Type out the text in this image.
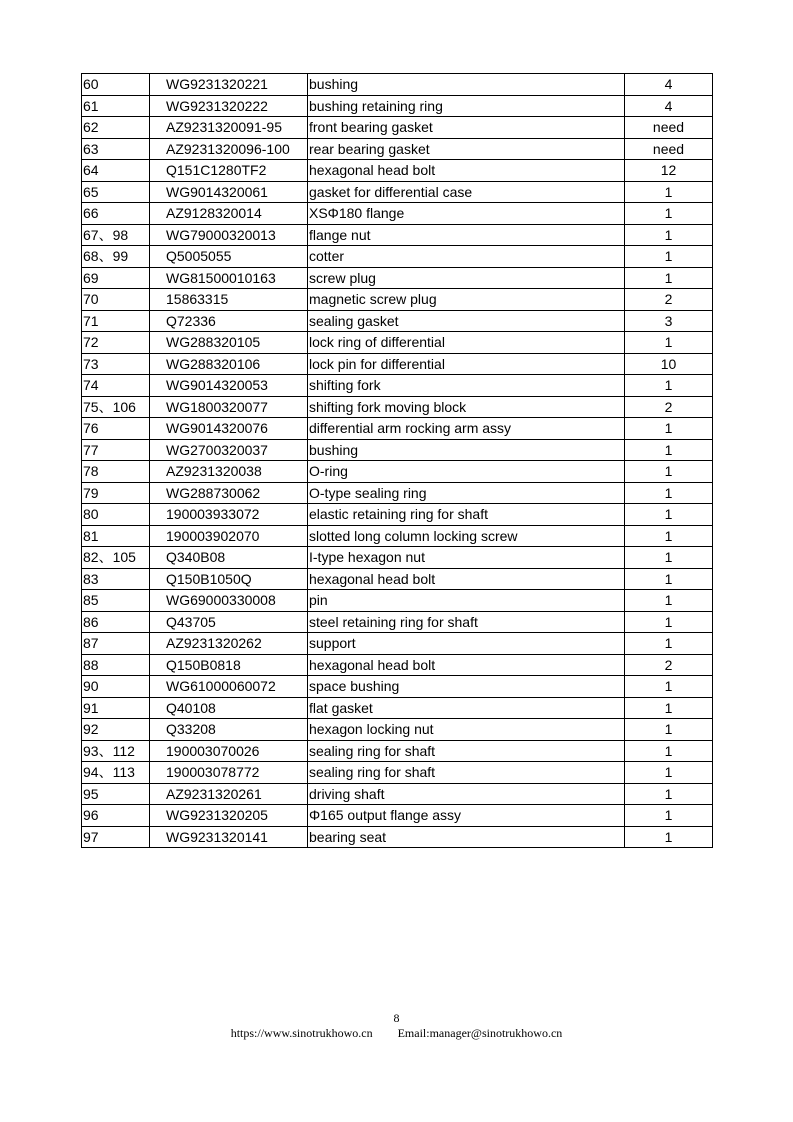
60	WG9231320221	bushing	4
61	WG9231320222	bushing retaining ring	4
62	AZ9231320091-95	front bearing gasket	need
63	AZ9231320096-100	rear bearing gasket	need
64	Q151C1280TF2	hexagonal head bolt	12
65	WG9014320061	gasket for differential case	1
66	AZ9128320014	XSΦ180 flange	1
67、98	WG79000320013	flange nut	1
68、99	Q5005055	cotter	1
69	WG81500010163	screw plug	1
70	15863315	magnetic screw plug	2
71	Q72336	sealing gasket	3
72	WG288320105	lock ring of differential	1
73	WG288320106	lock pin for differential	10
74	WG9014320053	shifting fork	1
75、106	WG1800320077	shifting fork moving block	2
76	WG9014320076	differential arm rocking arm assy	1
77	WG2700320037	bushing	1
78	AZ9231320038	O-ring	1
79	WG288730062	O-type sealing ring	1
80	190003933072	elastic retaining ring for shaft	1
81	190003902070	slotted long column locking screw	1
82、105	Q340B08	I-type hexagon nut	1
83	Q150B1050Q	hexagonal head bolt	1
85	WG69000330008	pin	1
86	Q43705	steel retaining ring for shaft	1
87	AZ9231320262	support	1
88	Q150B0818	hexagonal head bolt	2
90	WG61000060072	space bushing	1
91	Q40108	flat gasket	1
92	Q33208	hexagon locking nut	1
93、112	190003070026	sealing ring for shaft	1
94、113	190003078772	sealing ring for shaft	1
95	AZ9231320261	driving shaft	1
96	WG9231320205	Φ165 output flange assy	1
97	WG9231320141	bearing seat	1
8
https://www.sinotrukhowo.cn Email:manager@sinotrukhowo.cn
